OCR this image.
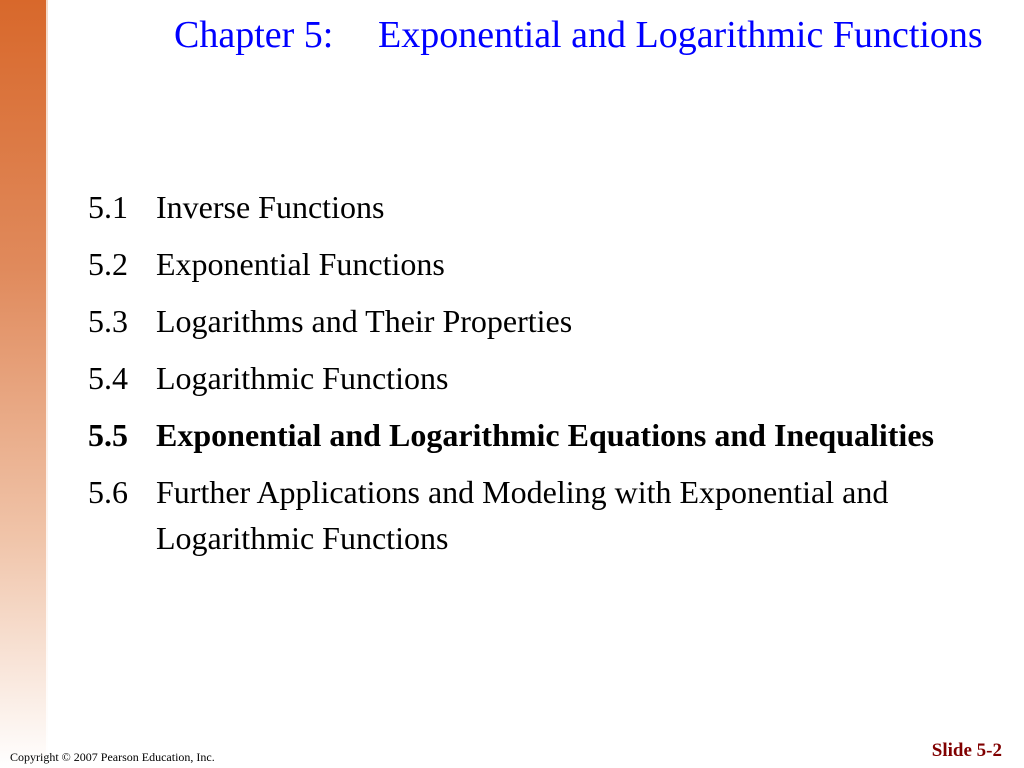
Chapter 5:	Exponential and Logarithmic Functions
5.1 Inverse Functions
5.2 Exponential Functions
5.3 Logarithms and Their Properties
5.4 Logarithmic Functions
5.5 Exponential and Logarithmic Equations and Inequalities
5.6 Further Applications and Modeling with Exponential and Logarithmic Functions
Copyright © 2007 Pearson Education, Inc.	Slide 5-2
